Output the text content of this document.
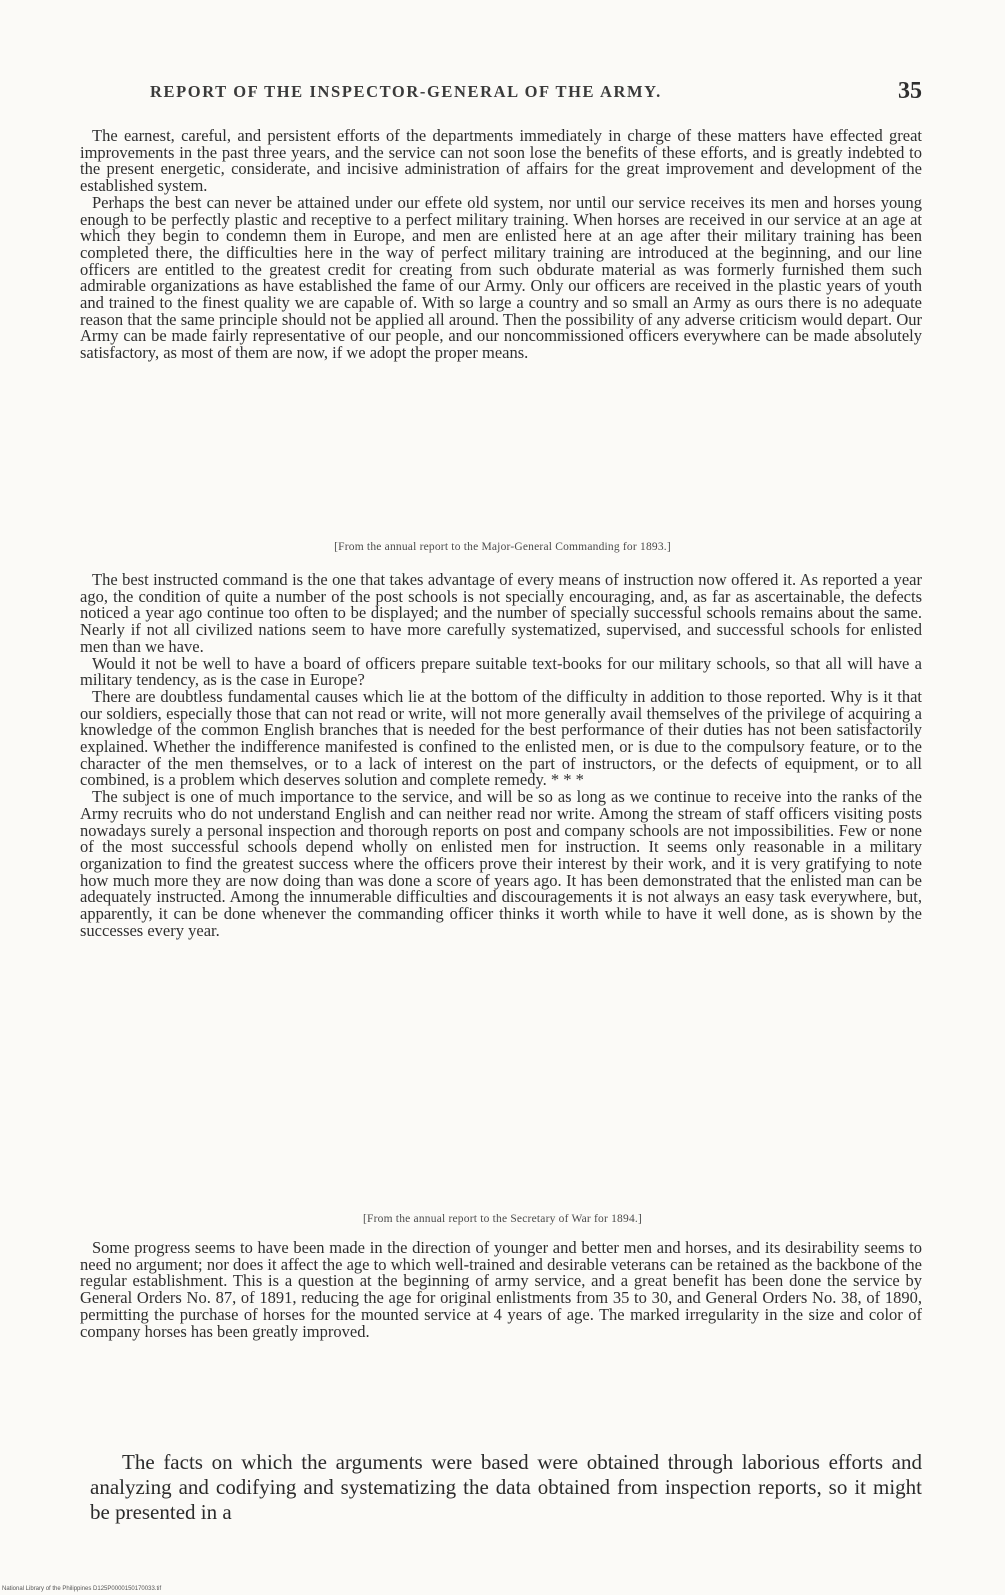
REPORT OF THE INSPECTOR-GENERAL OF THE ARMY.	35

The earnest, careful, and persistent efforts of the departments immediately in charge of these matters have effected great improvements in the past three years, and the service can not soon lose the benefits of these efforts, and is greatly indebted to the present energetic, considerate, and incisive administration of affairs for the great improvement and development of the established system.

Perhaps the best can never be attained under our effete old system, nor until our service receives its men and horses young enough to be perfectly plastic and receptive to a perfect military training. When horses are received in our service at an age at which they begin to condemn them in Europe, and men are enlisted here at an age after their military training has been completed there, the difficulties here in the way of perfect military training are introduced at the beginning, and our line officers are entitled to the greatest credit for creating from such obdurate material as was formerly furnished them such admirable organizations as have established the fame of our Army. Only our officers are received in the plastic years of youth and trained to the finest quality we are capable of. With so large a country and so small an Army as ours there is no adequate reason that the same principle should not be applied all around. Then the possibility of any adverse criticism would depart. Our Army can be made fairly representative of our people, and our noncommissioned officers everywhere can be made absolutely satisfactory, as most of them are now, if we adopt the proper means.

[From the annual report to the Major-General Commanding for 1893.]

The best instructed command is the one that takes advantage of every means of instruction now offered it. As reported a year ago, the condition of quite a number of the post schools is not specially encouraging, and, as far as ascertainable, the defects noticed a year ago continue too often to be displayed; and the number of specially successful schools remains about the same. Nearly if not all civilized nations seem to have more carefully systematized, supervised, and successful schools for enlisted men than we have.

Would it not be well to have a board of officers prepare suitable text-books for our military schools, so that all will have a military tendency, as is the case in Europe?

There are doubtless fundamental causes which lie at the bottom of the difficulty in addition to those reported. Why is it that our soldiers, especially those that can not read or write, will not more generally avail themselves of the privilege of acquiring a knowledge of the common English branches that is needed for the best performance of their duties has not been satisfactorily explained. Whether the indifference manifested is confined to the enlisted men, or is due to the compulsory feature, or to the character of the men themselves, or to a lack of interest on the part of instructors, or the defects of equipment, or to all combined, is a problem which deserves solution and complete remedy. * * *

The subject is one of much importance to the service, and will be so as long as we continue to receive into the ranks of the Army recruits who do not understand English and can neither read nor write. Among the stream of staff officers visiting posts nowadays surely a personal inspection and thorough reports on post and company schools are not impossibilities. Few or none of the most successful schools depend wholly on enlisted men for instruction. It seems only reasonable in a military organization to find the greatest success where the officers prove their interest by their work, and it is very gratifying to note how much more they are now doing than was done a score of years ago. It has been demonstrated that the enlisted man can be adequately instructed. Among the innumerable difficulties and discouragements it is not always an easy task everywhere, but, apparently, it can be done whenever the commanding officer thinks it worth while to have it well done, as is shown by the successes every year.

[From the annual report to the Secretary of War for 1894.]

Some progress seems to have been made in the direction of younger and better men and horses, and its desirability seems to need no argument; nor does it affect the age to which well-trained and desirable veterans can be retained as the backbone of the regular establishment. This is a question at the beginning of army service, and a great benefit has been done the service by General Orders No. 87, of 1891, reducing the age for original enlistments from 35 to 30, and General Orders No. 38, of 1890, permitting the purchase of horses for the mounted service at 4 years of age. The marked irregularity in the size and color of company horses has been greatly improved.

The facts on which the arguments were based were obtained through laborious efforts and analyzing and codifying and systematizing the data obtained from inspection reports, so it might be presented in a

National Library of the Philippines D125P0000150170033.tif
